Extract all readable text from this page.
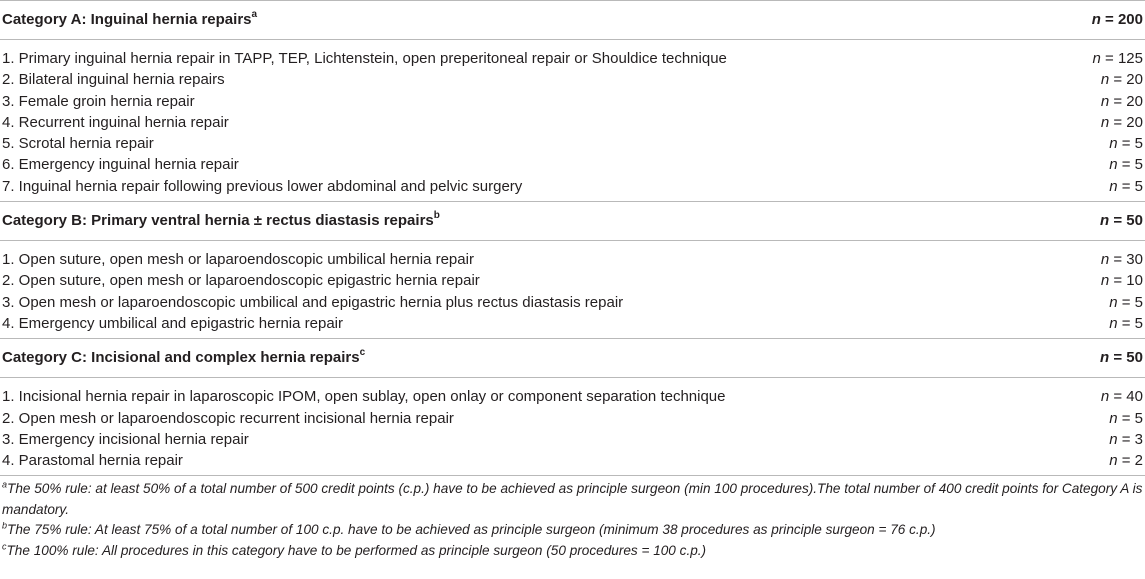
Category A: Inguinal hernia repairs$^a$	n = 200
1. Primary inguinal hernia repair in TAPP, TEP, Lichtenstein, open preperitoneal repair or Shouldice technique	n = 125
2. Bilateral inguinal hernia repairs	n = 20
3. Female groin hernia repair	n = 20
4. Recurrent inguinal hernia repair	n = 20
5. Scrotal hernia repair	n = 5
6. Emergency inguinal hernia repair	n = 5
7. Inguinal hernia repair following previous lower abdominal and pelvic surgery	n = 5
Category B: Primary ventral hernia ± rectus diastasis repairs$^b$	n = 50
1. Open suture, open mesh or laparoendoscopic umbilical hernia repair	n = 30
2. Open suture, open mesh or laparoendoscopic epigastric hernia repair	n = 10
3. Open mesh or laparoendoscopic umbilical and epigastric hernia plus rectus diastasis repair	n = 5
4. Emergency umbilical and epigastric hernia repair	n = 5
Category C: Incisional and complex hernia repairs$^c$	n = 50
1. Incisional hernia repair in laparoscopic IPOM, open sublay, open onlay or component separation technique	n = 40
2. Open mesh or laparoendoscopic recurrent incisional hernia repair	n = 5
3. Emergency incisional hernia repair	n = 3
4. Parastomal hernia repair	n = 2

$^a$The 50% rule: at least 50% of a total number of 500 credit points (c.p.) have to be achieved as principle surgeon (min 100 procedures).The total number of 400 credit points for Category A is mandatory.

$^b$The 75% rule: At least 75% of a total number of 100 c.p. have to be achieved as principle surgeon (minimum 38 procedures as principle surgeon = 76 c.p.)

$^c$The 100% rule: All procedures in this category have to be performed as principle surgeon (50 procedures = 100 c.p.)
